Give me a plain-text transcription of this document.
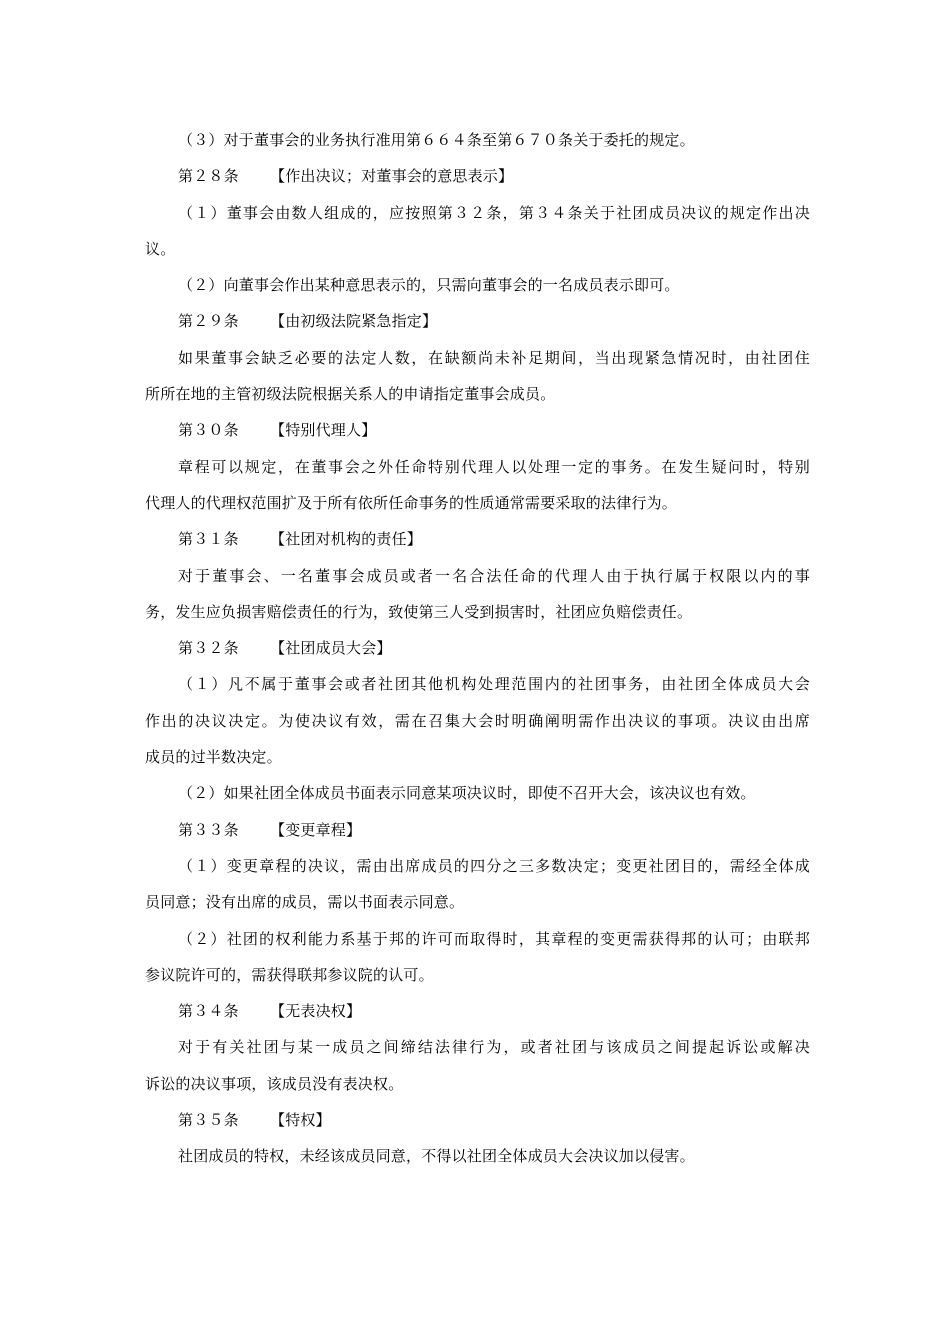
（３）对于董事会的业务执行准用第６６４条至第６７０条关于委托的规定。
第２８条 【作出决议；对董事会的意思表示】
（１）董事会由数人组成的，应按照第３２条，第３４条关于社团成员决议的规定作出决
议。
（２）向董事会作出某种意思表示的，只需向董事会的一名成员表示即可。
第２９条 【由初级法院紧急指定】
如果董事会缺乏必要的法定人数，在缺额尚未补足期间，当出现紧急情况时，由社团住
所所在地的主管初级法院根据关系人的申请指定董事会成员。
第３０条 【特别代理人】
章程可以规定，在董事会之外任命特别代理人以处理一定的事务。在发生疑问时，特别
代理人的代理权范围扩及于所有依所任命事务的性质通常需要采取的法律行为。
第３１条 【社团对机构的责任】
对于董事会、一名董事会成员或者一名合法任命的代理人由于执行属于权限以内的事
务，发生应负损害赔偿责任的行为，致使第三人受到损害时，社团应负赔偿责任。
第３２条 【社团成员大会】
（１）凡不属于董事会或者社团其他机构处理范围内的社团事务，由社团全体成员大会
作出的决议决定。为使决议有效，需在召集大会时明确阐明需作出决议的事项。决议由出席
成员的过半数决定。
（２）如果社团全体成员书面表示同意某项决议时，即使不召开大会，该决议也有效。
第３３条 【变更章程】
（１）变更章程的决议，需由出席成员的四分之三多数决定；变更社团目的，需经全体成
员同意；没有出席的成员，需以书面表示同意。
（２）社团的权利能力系基于邦的许可而取得时，其章程的变更需获得邦的认可；由联邦
参议院许可的，需获得联邦参议院的认可。
第３４条 【无表决权】
对于有关社团与某一成员之间缔结法律行为，或者社团与该成员之间提起诉讼或解决
诉讼的决议事项，该成员没有表决权。
第３５条 【特权】
社团成员的特权，未经该成员同意，不得以社团全体成员大会决议加以侵害。
